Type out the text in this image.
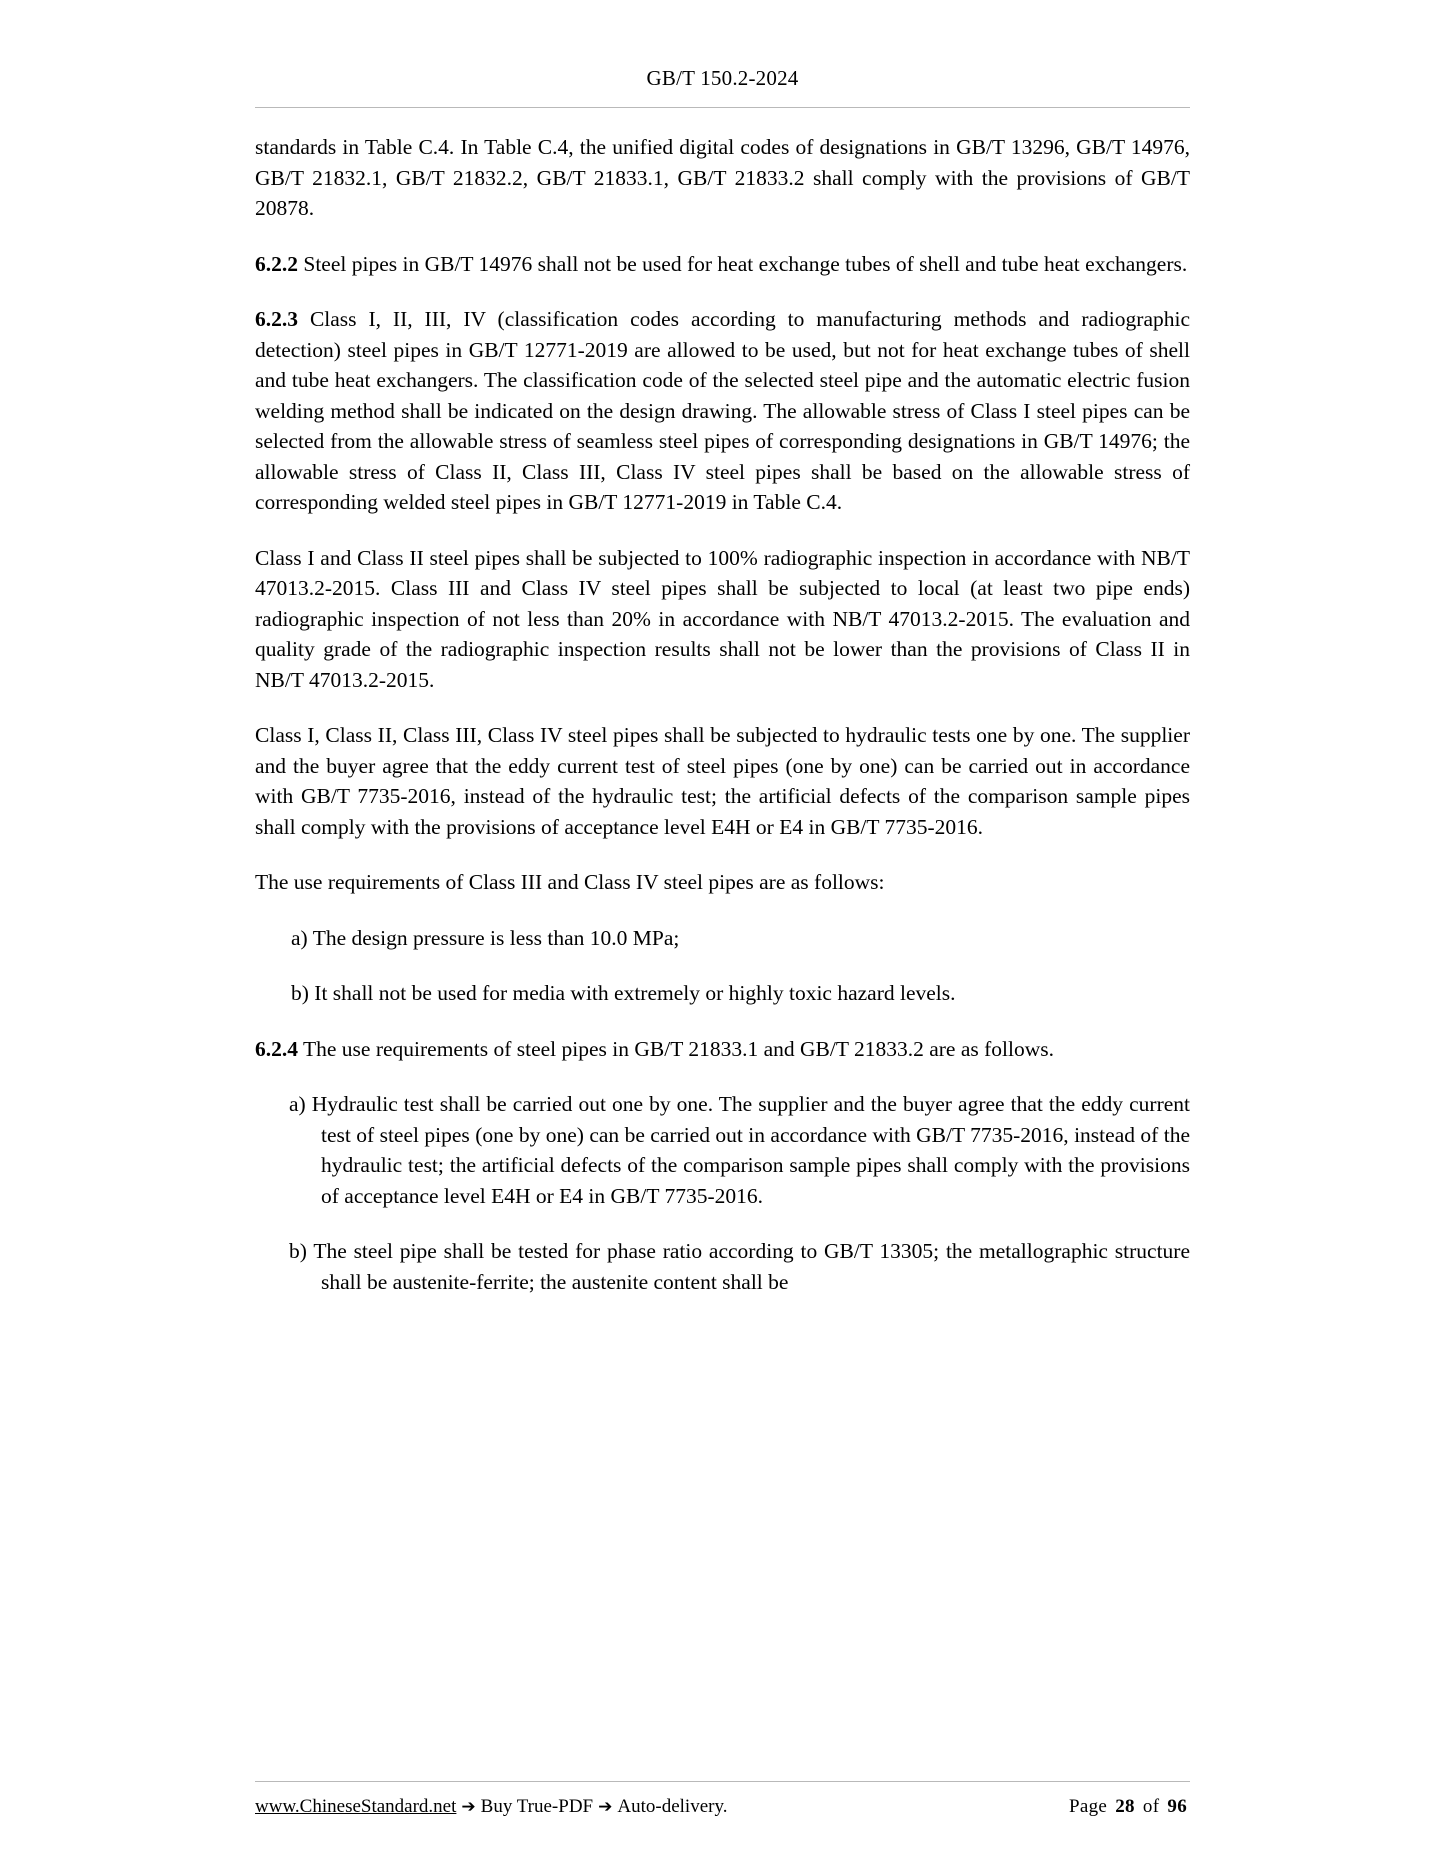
GB/T 150.2-2024

standards in Table C.4. In Table C.4, the unified digital codes of designations in GB/T 13296, GB/T 14976, GB/T 21832.1, GB/T 21832.2, GB/T 21833.1, GB/T 21833.2 shall comply with the provisions of GB/T 20878.

6.2.2 Steel pipes in GB/T 14976 shall not be used for heat exchange tubes of shell and tube heat exchangers.

6.2.3 Class I, II, III, IV (classification codes according to manufacturing methods and radiographic detection) steel pipes in GB/T 12771-2019 are allowed to be used, but not for heat exchange tubes of shell and tube heat exchangers. The classification code of the selected steel pipe and the automatic electric fusion welding method shall be indicated on the design drawing. The allowable stress of Class I steel pipes can be selected from the allowable stress of seamless steel pipes of corresponding designations in GB/T 14976; the allowable stress of Class II, Class III, Class IV steel pipes shall be based on the allowable stress of corresponding welded steel pipes in GB/T 12771-2019 in Table C.4.

Class I and Class II steel pipes shall be subjected to 100% radiographic inspection in accordance with NB/T 47013.2-2015. Class III and Class IV steel pipes shall be subjected to local (at least two pipe ends) radiographic inspection of not less than 20% in accordance with NB/T 47013.2-2015. The evaluation and quality grade of the radiographic inspection results shall not be lower than the provisions of Class II in NB/T 47013.2-2015.

Class I, Class II, Class III, Class IV steel pipes shall be subjected to hydraulic tests one by one. The supplier and the buyer agree that the eddy current test of steel pipes (one by one) can be carried out in accordance with GB/T 7735-2016, instead of the hydraulic test; the artificial defects of the comparison sample pipes shall comply with the provisions of acceptance level E4H or E4 in GB/T 7735-2016.

The use requirements of Class III and Class IV steel pipes are as follows:

a) The design pressure is less than 10.0 MPa;

b) It shall not be used for media with extremely or highly toxic hazard levels.

6.2.4 The use requirements of steel pipes in GB/T 21833.1 and GB/T 21833.2 are as follows.

a) Hydraulic test shall be carried out one by one. The supplier and the buyer agree that the eddy current test of steel pipes (one by one) can be carried out in accordance with GB/T 7735-2016, instead of the hydraulic test; the artificial defects of the comparison sample pipes shall comply with the provisions of acceptance level E4H or E4 in GB/T 7735-2016.

b) The steel pipe shall be tested for phase ratio according to GB/T 13305; the metallographic structure shall be austenite-ferrite; the austenite content shall be

www.ChineseStandard.net ➔ Buy True-PDF ➔ Auto-delivery.	Page 28 of 96
